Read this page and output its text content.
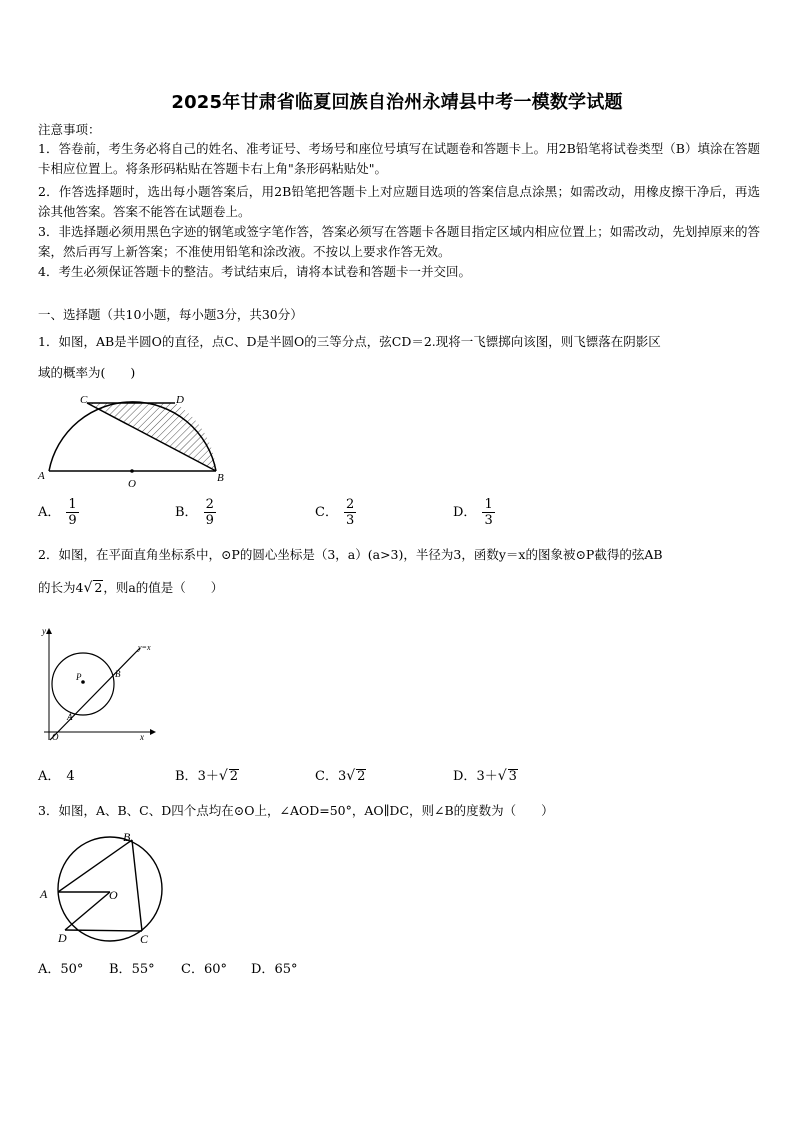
2025年甘肃省临夏回族自治州永靖县中考一模数学试题
注意事项：
1．答卷前，考生务必将自己的姓名、准考证号、考场号和座位号填写在试题卷和答题卡上。用2B铅笔将试卷类型（B）填涂在答题卡相应位置上。将条形码粘贴在答题卡右上角"条形码粘贴处"。
2．作答选择题时，选出每小题答案后，用2B铅笔把答题卡上对应题目选项的答案信息点涂黑；如需改动，用橡皮擦干净后，再选涂其他答案。答案不能答在试题卷上。
3．非选择题必须用黑色字迹的钢笔或签字笔作答，答案必须写在答题卡各题目指定区域内相应位置上；如需改动，先划掉原来的答案，然后再写上新答案；不准使用铅笔和涂改液。不按以上要求作答无效。
4．考生必须保证答题卡的整洁。考试结束后，请将本试卷和答题卡一并交回。
一、选择题（共10小题，每小题3分，共30分）
1．如图，AB是半圆O的直径，点C、D是半圆O的三等分点，弦CD＝2.现将一飞镖掷向该图，则飞镖落在阴影区
域的概率为(　　)
A	B
C	D
O
A． $\frac{1}{9}$	B． $\frac{2}{9}$	C． $\frac{2}{3}$	D． $\frac{1}{3}$
2．如图，在平面直角坐标系中，⊙P的圆心坐标是（3，a）(a>3)，半径为3，函数y＝x的图象被⊙P截得的弦AB
的长为4√ 2，则a的值是（　　）
y
x
O
P
A
B
y=x
A． 4	B．3＋√ 2	C．3√ 2	D．3＋√ 3
3．如图，A、B、C、D四个点均在⊙O上，∠AOD=50°，AO∥DC，则∠B的度数为（　　）
A
B
C
D
O
A．50° B．55° C．60° D．65°
